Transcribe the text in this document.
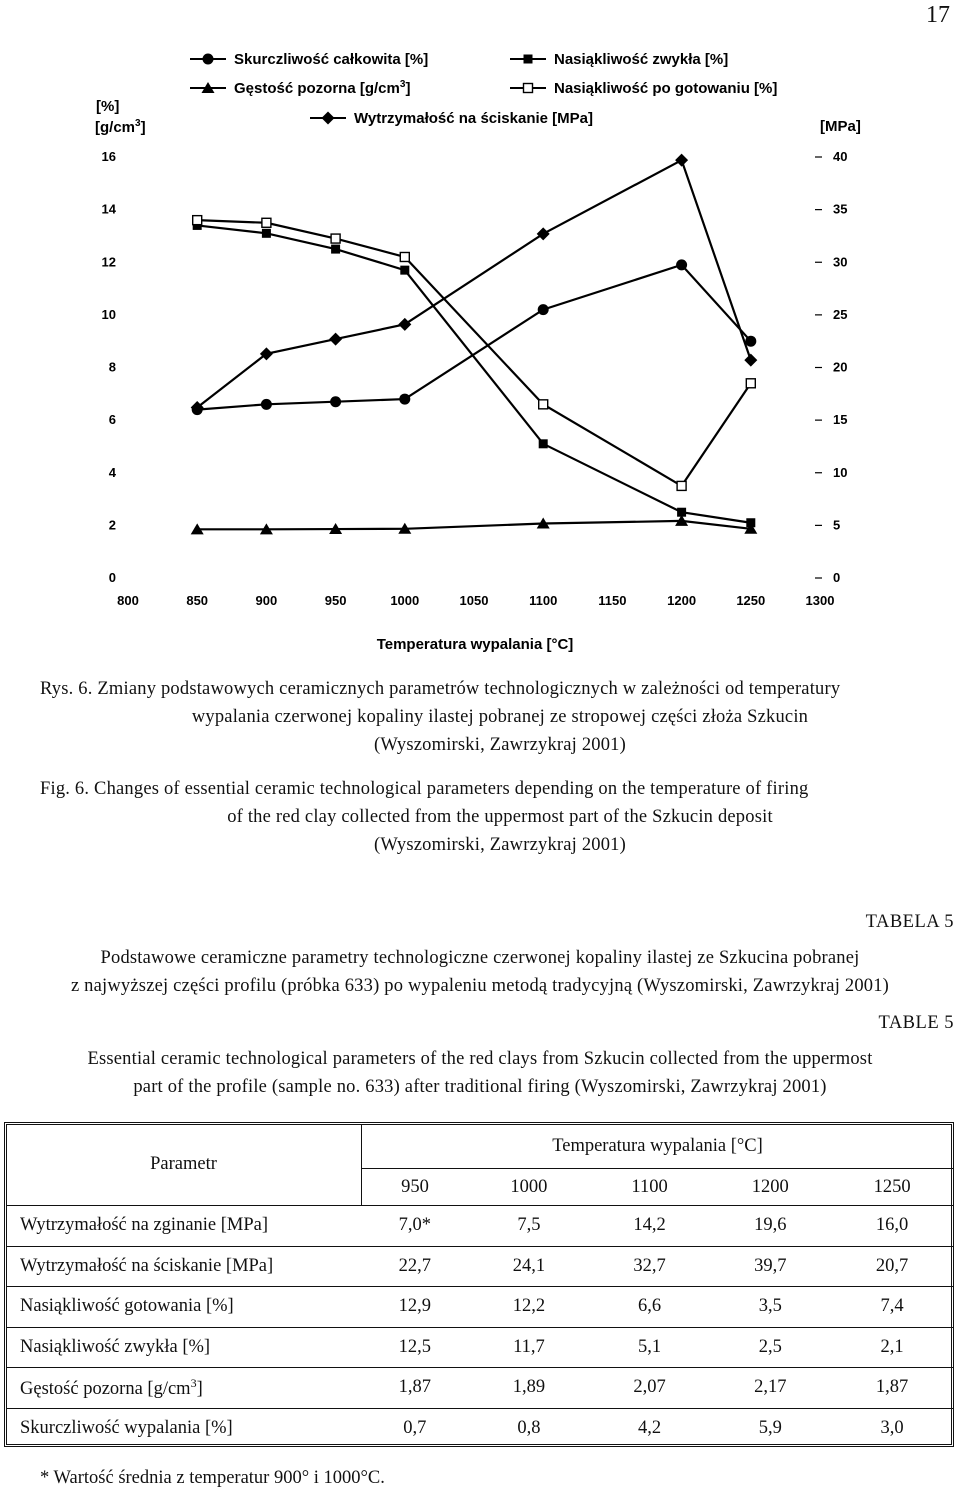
17
Skurczliwość całkowita [%]	Nasiąkliwość zwykła [%]
Gęstość pozorna $[g/cm^3]$	Nasiąkliwość po gotowaniu [%]
Wytrzymałość na ściskanie [MPa]
[%]
$[g/cm^3]$	[MPa]
0
2
4
6
8
10
12
14
16
0
5
10
15
20
25
30
35
40
800	850	900	950	1000	1050	1100	1150	1200	1250	1300
Temperatura wypalania [°C]
Rys. 6. Zmiany podstawowych ceramicznych parametrów technologicznych w zależności od temperatury
wypalania czerwonej kopaliny ilastej pobranej ze stropowej części złoża Szkucin
(Wyszomirski, Zawrzykraj 2001)
Fig. 6. Changes of essential ceramic technological parameters depending on the temperature of firing
of the red clay collected from the uppermost part of the Szkucin deposit
(Wyszomirski, Zawrzykraj 2001)
TABELA 5
Podstawowe ceramiczne parametry technologiczne czerwonej kopaliny ilastej ze Szkucina pobranej
z najwyższej części profilu (próbka 633) po wypaleniu metodą tradycyjną (Wyszomirski, Zawrzykraj 2001)
TABLE 5
Essential ceramic technological parameters of the red clays from Szkucin collected from the uppermost
part of the profile (sample no. 633) after traditional firing (Wyszomirski, Zawrzykraj 2001)
Parametr	Temperatura wypalania [°C]				
	950	1000	1100	1200	1250
Wytrzymałość na zginanie [MPa]	7,0*	7,5	14,2	19,6	16,0
Wytrzymałość na ściskanie [MPa]	22,7	24,1	32,7	39,7	20,7
Nasiąkliwość gotowania [%]	12,9	12,2	6,6	3,5	7,4
Nasiąkliwość zwykła [%]	12,5	11,7	5,1	2,5	2,1
Gęstość pozorna $[g/cm^3]$	1,87	1,89	2,07	2,17	1,87
Skurczliwość wypalania [%]	0,7	0,8	4,2	5,9	3,0
* Wartość średnia z temperatur 900° i 1000°C.
